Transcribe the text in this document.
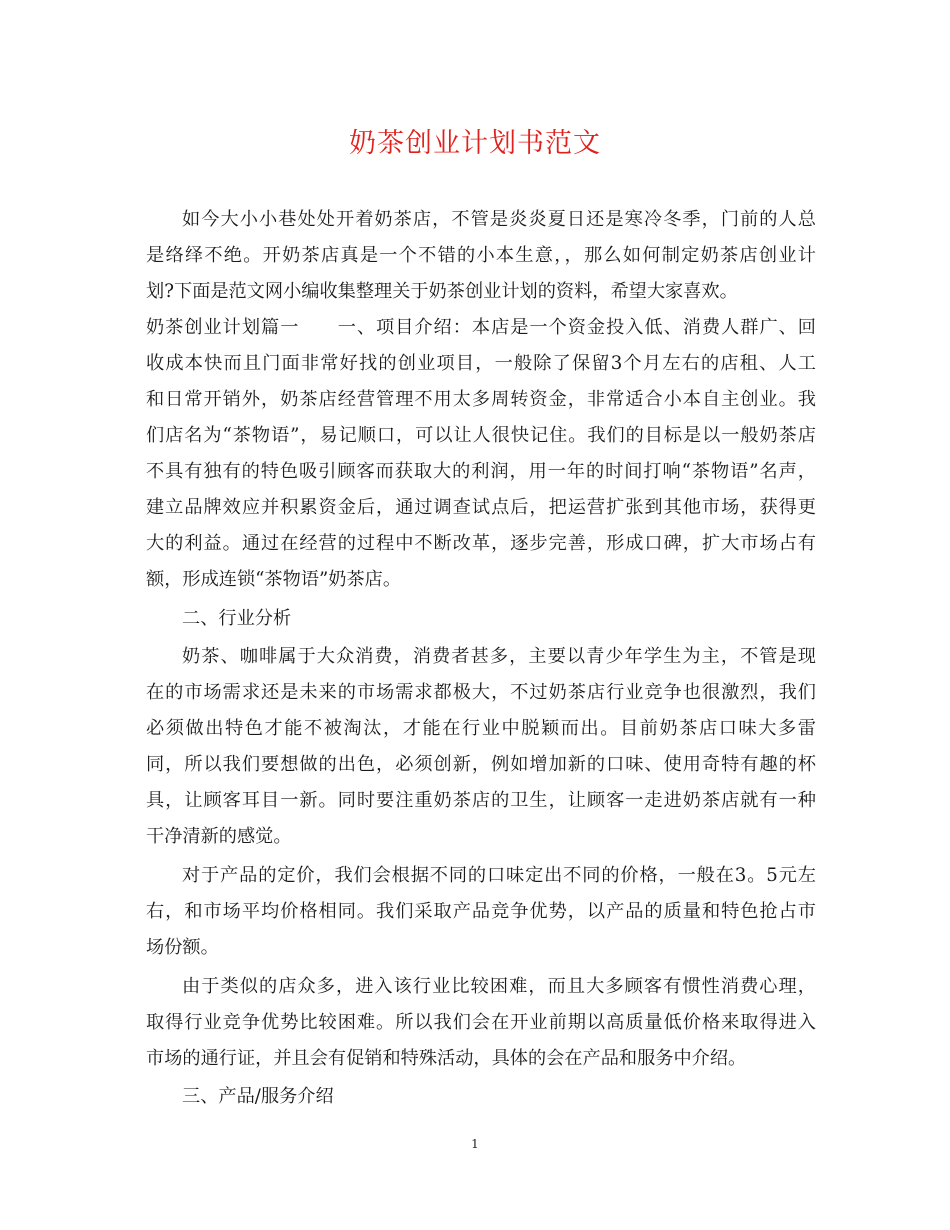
奶茶创业计划书范文
如今大小小巷处处开着奶茶店，不管是炎炎夏日还是寒冷冬季，门前的人总
是络绎不绝。开奶茶店真是一个不错的小本生意，，那么如何制定奶茶店创业计
划?下面是范文网小编收集整理关于奶茶创业计划的资料，希望大家喜欢。
奶茶创业计划篇一　　一、项目介绍：本店是一个资金投入低、消费人群广、回
收成本快而且门面非常好找的创业项目，一般除了保留3个月左右的店租、人工
和日常开销外，奶茶店经营管理不用太多周转资金，非常适合小本自主创业。我
们店名为“茶物语”，易记顺口，可以让人很快记住。我们的目标是以一般奶茶店
不具有独有的特色吸引顾客而获取大的利润，用一年的时间打响“茶物语”名声，
建立品牌效应并积累资金后，通过调查试点后，把运营扩张到其他市场，获得更
大的利益。通过在经营的过程中不断改革，逐步完善，形成口碑，扩大市场占有
额，形成连锁“茶物语”奶茶店。
二、行业分析
奶茶、咖啡属于大众消费，消费者甚多，主要以青少年学生为主，不管是现
在的市场需求还是未来的市场需求都极大，不过奶茶店行业竞争也很激烈，我们
必须做出特色才能不被淘汰，才能在行业中脱颖而出。目前奶茶店口味大多雷
同，所以我们要想做的出色，必须创新，例如增加新的口味、使用奇特有趣的杯
具，让顾客耳目一新。同时要注重奶茶店的卫生，让顾客一走进奶茶店就有一种
干净清新的感觉。
对于产品的定价，我们会根据不同的口味定出不同的价格，一般在3。5元左
右，和市场平均价格相同。我们采取产品竞争优势，以产品的质量和特色抢占市
场份额。
由于类似的店众多，进入该行业比较困难，而且大多顾客有惯性消费心理，
取得行业竞争优势比较困难。所以我们会在开业前期以高质量低价格来取得进入
市场的通行证，并且会有促销和特殊活动，具体的会在产品和服务中介绍。
三、产品/服务介绍
1
